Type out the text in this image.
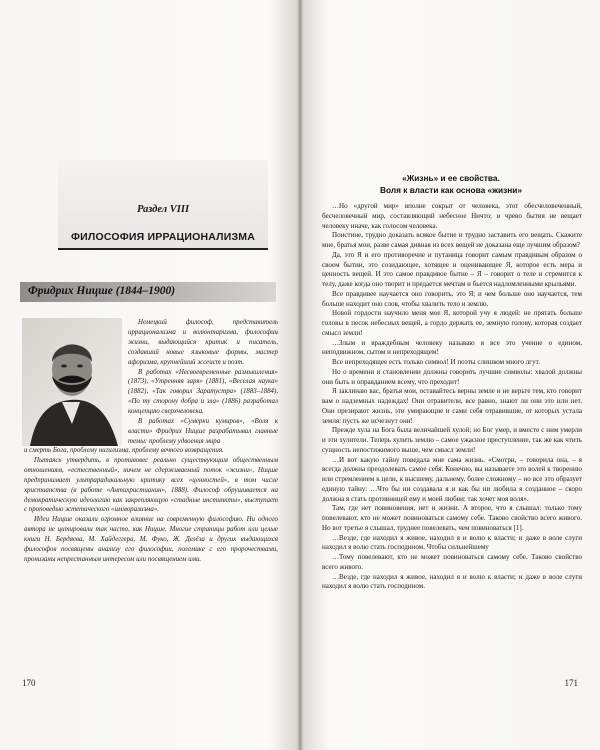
Раздел VIII
ФИЛОСОФИЯ ИРРАЦИОНАЛИЗМА
Фридрих Ницше (1844–1900)

Немецкий философ, представитель иррационализма и волюнтаризма, философии жизни, выдающийся критик и писатель, создавший новые языковые формы, мастер афоризма, крупнейший эссеист и поэт.

В работах «Несвоевременные размышления» (1873), «Утренняя заря» (1881), «Веселая наука» (1882), «Так говорил Заратустра» (1883–1884), «По ту сторону добра и зла» (1886) разработал концепцию сверхчеловека.

В работах «Сумерки кумиров», «Воля к власти» Фридрих Ницше разрабатывал главные темы: проблему удвоения мира

и смерть Бога, проблему нигилизма, проблему вечного возвращения.

Пытаясь утвердить, в противовес реально существующим общественным отношениям, «естественный», ничем не сдерживаемый поток «жизни», Ницше предпринимает ультрарадикальную критику всех «ценностей», в том числе христианства (в работе «Антихристианин», 1888). Философ обрушивается на демократическую идеологию как закрепляющую «стадные инстинкты», выступает с проповедью эстетического «имморализма».

Идеи Ницше оказали огромное влияние на современную философию. Ни одного автора не цитировали так часто, как Ницше. Многие страницы работ или целые книги Н. Бердяева, М. Хайдеггера, М. Фуко, Ж. Делёза и других выдающихся философов посвящены анализу его философии, полемике с его пророчествами, пронизаны непрестанным интересом или посвящением ими.

170
«Жизнь» и ее свойства.
Воля к власти как основа «жизни»

…Но «другой мир» вполне сокрыт от человека, этот обесчеловеченный, бесчеловечный мир, составляющий небесное Ничто; и чрево бытия не вещает человеку иначе, как голосом человека.

Поистине, трудно доказать всякое бытие и трудно заставить его вещать. Скажите мне, братья мои, разве самая дивная из всех вещей не доказана еще лучшим образом?

Да, это Я и его противоречие и путаница говорит самым правдивым образом о своем бытии, это созидающее, хотящее и оценивающее Я, которое есть мера и ценность вещей. И это самое правдивое бытие – Я – говорит о теле и стремится к телу, даже когда оно творит и предается мечтам и бьется надломленными крыльями.

Все правдивее научается оно говорить, это Я; и чем больше оно научается, тем больше находит оно слов, чтобы хвалить тело и землю.

Новой гордости научило меня мое Я, которой учу я людей: не прятать больше головы в песок небесных вещей, а гордо держать ее, земную голову, которая создает смысл земли!

…Злым и враждебным человеку называю я все это учение о едином, неподвижном, сытом и непреходящем!

Все непреходящее есть только символ! И поэты слишком много лгут.

Но о времени и становлении должны говорить лучшие символы: хвалой должны они быть и оправданием всему, что преходит!

Я заклинаю вас, братья мои, оставайтесь верны земле и не верьте тем, кто говорит вам о надземных надеждах! Они отравители, все равно, знают ли они это или нет. Они презирают жизнь, эти умирающие и сами себя отравившие, от которых устала земля: пусть же исчезнут они!

Прежде хула на Бога была величайшей хулой; но Бог умер, и вместе с ним умерли и эти хулители. Теперь хулить землю – самое ужасное преступление, так же как чтить сущность непостижимого выше, чем смысл земли!

…И вот какую тайну поведала мне сама жизнь. «Смотри, – говорила она, – я всегда должна преодолевать самое себя. Конечно, вы называете это волей к творению или стремлением к цели, к высшему, дальнему, более сложному – но все это образует единую тайну: …Что бы ни создавала я и как бы ни любила я созданное – скоро должна я стать противницей ему и моей любви: так хочет моя воля».

Там, где нет повиновения, нет и жизни. А второе, что я слышал: только тому повелевают, кто не может повиноваться самому себе. Таково свойство всего живого. Но вот третье я слышал, труднее повелевать, чем повиноваться [1].

…Везде, где находил я живое, находил я и волю к власти; и даже в воле слуги находил я волю стать господином. Чтобы сильнейшему

…Тому повелевают, кто не может повиноваться самому себе. Таково свойство всего живого.

…Везде, где находил я живое, находил я и волю к власти; и даже в воле слуги находил я волю стать господином.

171
